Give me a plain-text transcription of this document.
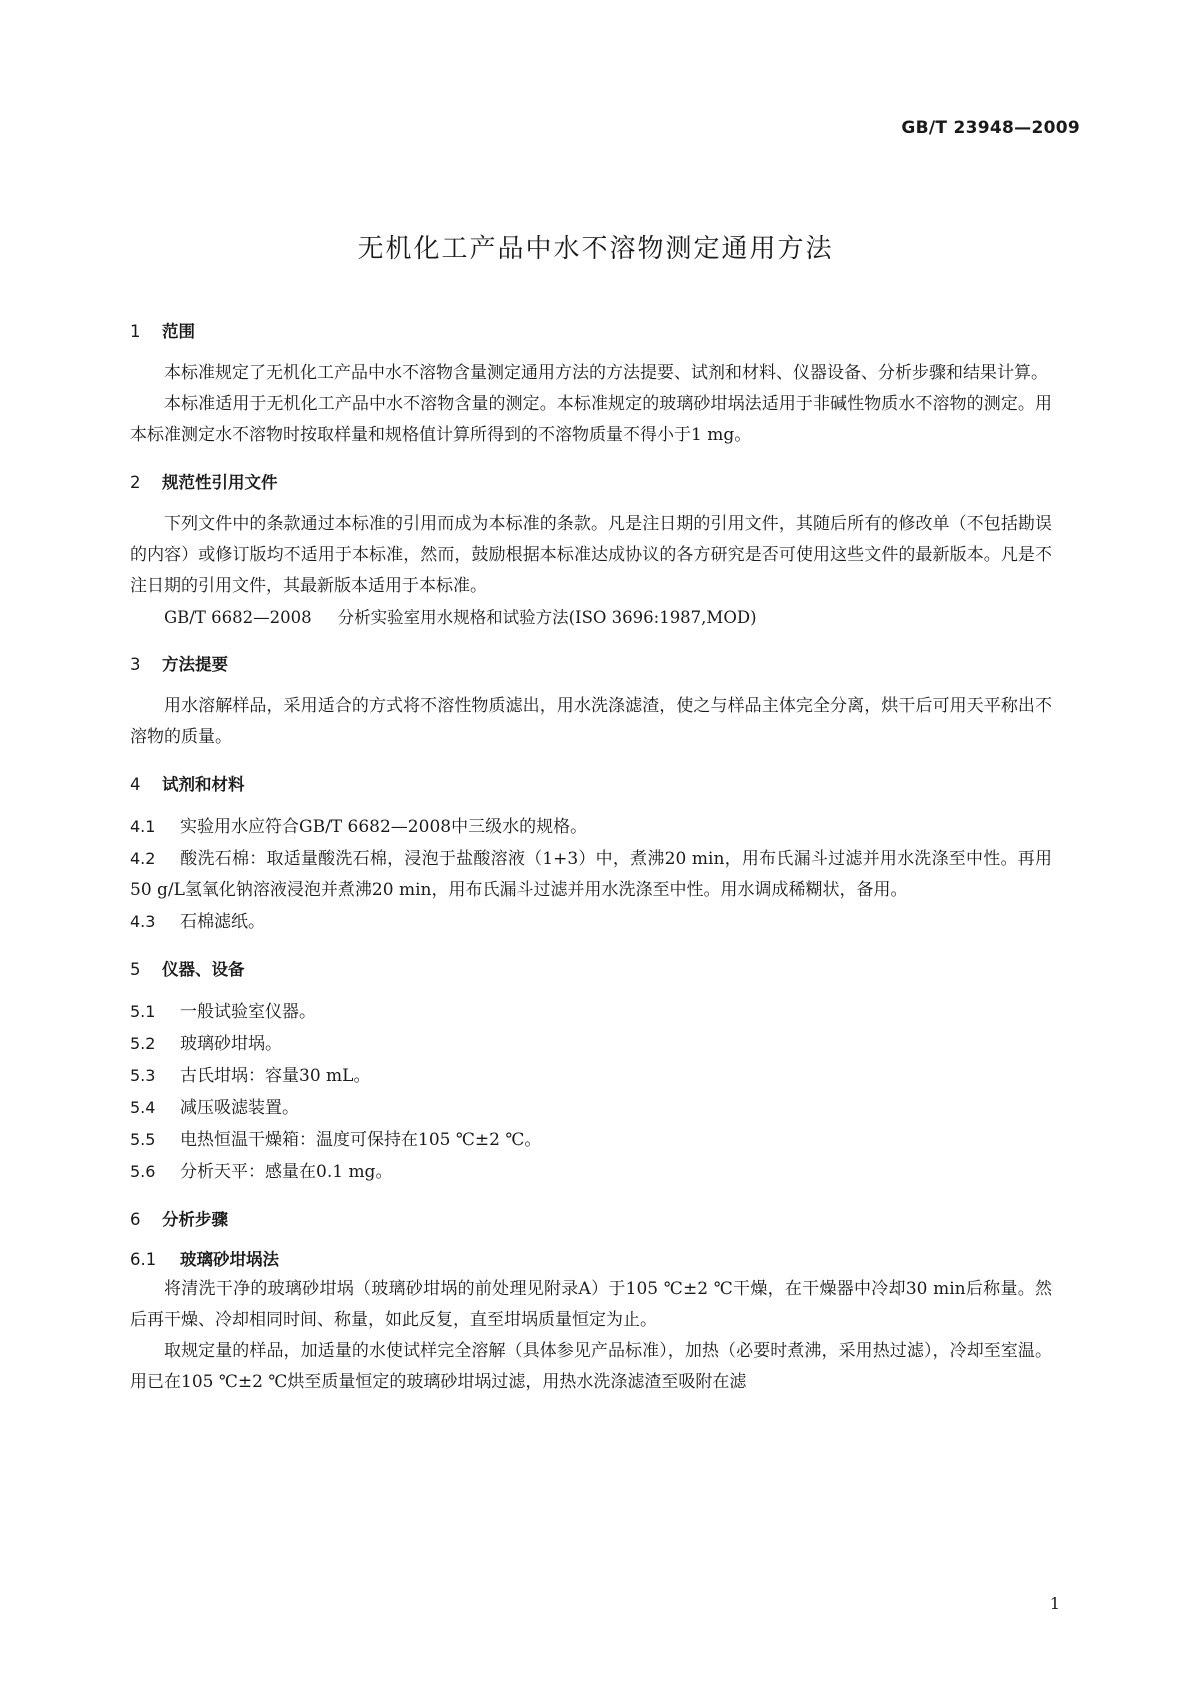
GB/T 23948—2009
无机化工产品中水不溶物测定通用方法
1 范围

本标准规定了无机化工产品中水不溶物含量测定通用方法的方法提要、试剂和材料、仪器设备、分析步骤和结果计算。

本标准适用于无机化工产品中水不溶物含量的测定。本标准规定的玻璃砂坩埚法适用于非碱性物质水不溶物的测定。用本标准测定水不溶物时按取样量和规格值计算所得到的不溶物质量不得小于1 mg。

2 规范性引用文件

下列文件中的条款通过本标准的引用而成为本标准的条款。凡是注日期的引用文件，其随后所有的修改单（不包括勘误的内容）或修订版均不适用于本标准，然而，鼓励根据本标准达成协议的各方研究是否可使用这些文件的最新版本。凡是不注日期的引用文件，其最新版本适用于本标准。

GB/T 6682—2008 分析实验室用水规格和试验方法(ISO 3696:1987,MOD)

3 方法提要

用水溶解样品，采用适合的方式将不溶性物质滤出，用水洗涤滤渣，使之与样品主体完全分离，烘干后可用天平称出不溶物的质量。

4 试剂和材料

4.1 实验用水应符合GB/T 6682—2008中三级水的规格。

4.2 酸洗石棉：取适量酸洗石棉，浸泡于盐酸溶液（1+3）中，煮沸20 min，用布氏漏斗过滤并用水洗涤至中性。再用50 g/L氢氧化钠溶液浸泡并煮沸20 min，用布氏漏斗过滤并用水洗涤至中性。用水调成稀糊状，备用。

4.3 石棉滤纸。

5 仪器、设备

5.1 一般试验室仪器。

5.2 玻璃砂坩埚。

5.3 古氏坩埚：容量30 mL。

5.4 减压吸滤装置。

5.5 电热恒温干燥箱：温度可保持在105 ℃±2 ℃。

5.6 分析天平：感量在0.1 mg。

6 分析步骤
6.1 玻璃砂坩埚法

将清洗干净的玻璃砂坩埚（玻璃砂坩埚的前处理见附录A）于105 ℃±2 ℃干燥，在干燥器中冷却30 min后称量。然后再干燥、冷却相同时间、称量，如此反复，直至坩埚质量恒定为止。

取规定量的样品，加适量的水使试样完全溶解（具体参见产品标准），加热（必要时煮沸，采用热过滤），冷却至室温。用已在105 ℃±2 ℃烘至质量恒定的玻璃砂坩埚过滤，用热水洗涤滤渣至吸附在滤

1
